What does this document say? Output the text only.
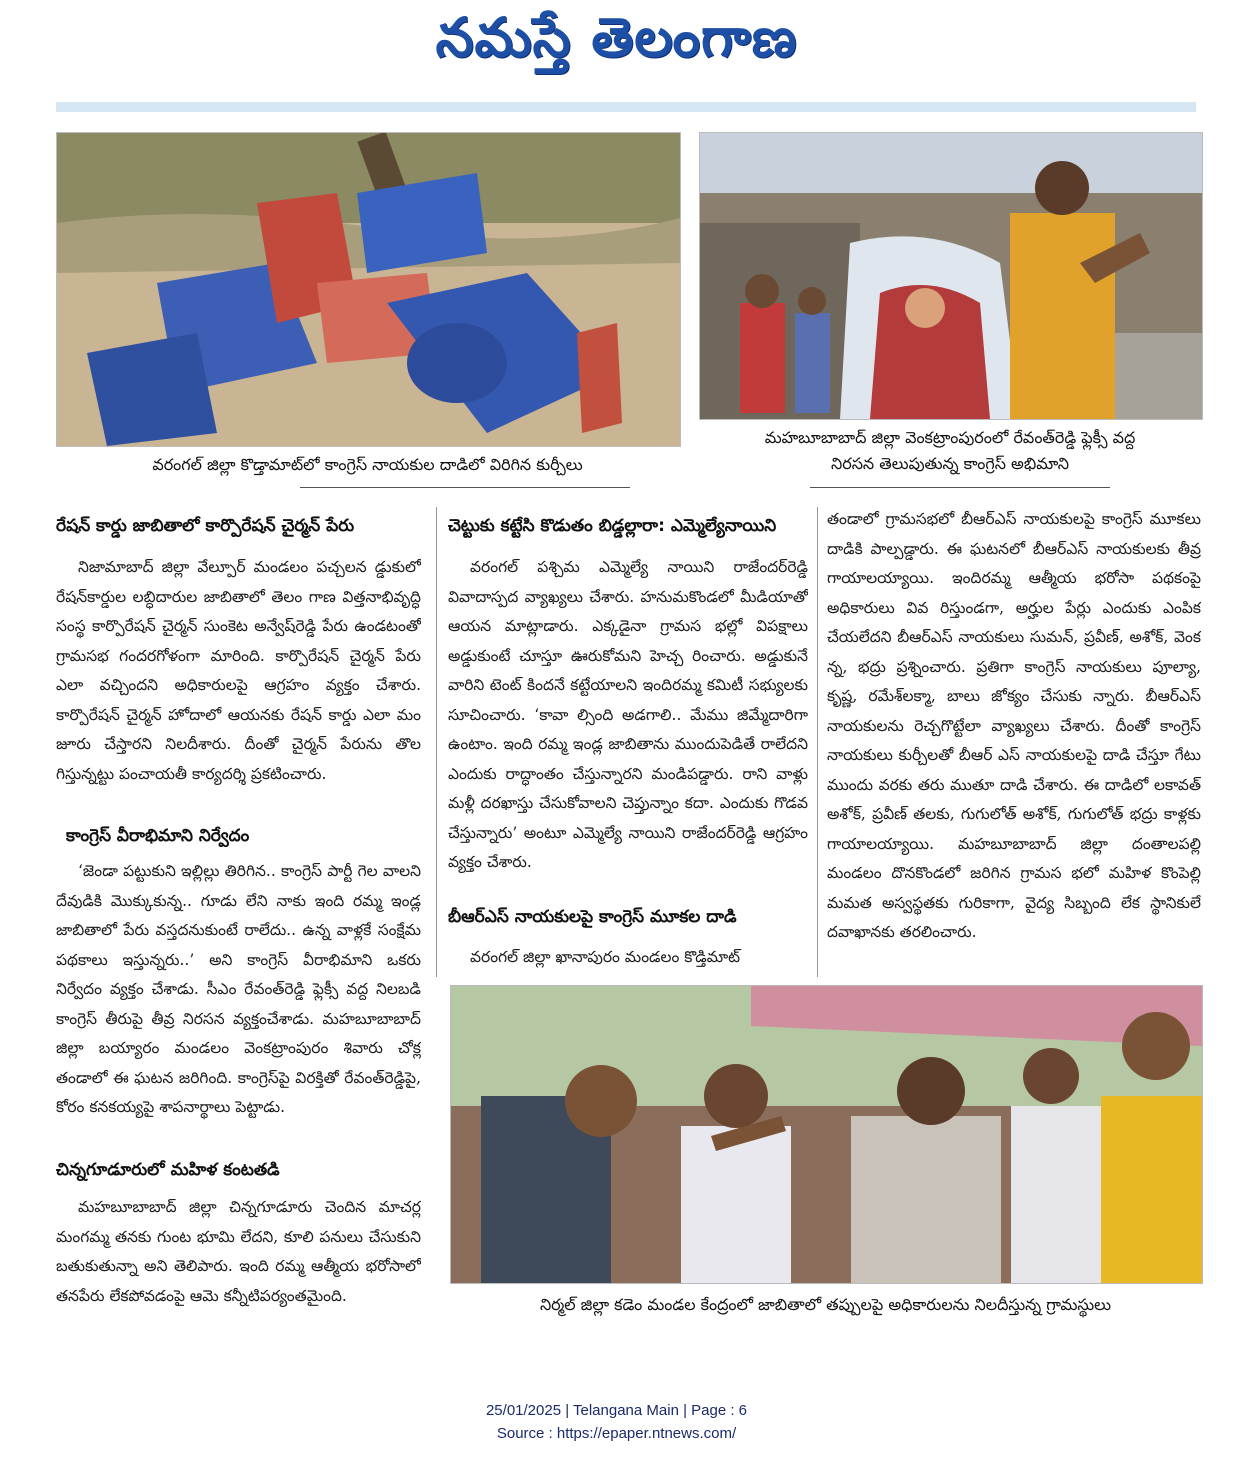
నమస్తే తెలంగాణ
వరంగల్ జిల్లా కొడ్తామాట్‌లో కాంగ్రెస్ నాయకుల దాడిలో విరిగిన కుర్చీలు
మహబూబాబాద్ జిల్లా వెంకట్రాంపురంలో రేవంత్‌రెడ్డి ఫ్లెక్సీ వద్ద
నిరసన తెలుపుతున్న కాంగ్రెస్ అభిమాని
రేషన్ కార్డు జాబితాలో కార్పొరేషన్ చైర్మన్ పేరు

నిజామాబాద్ జిల్లా వేల్పూర్ మండలం పచ్చలన డ్డుకు‌లో రేషన్‌కార్డుల లబ్ధిదారుల జాబితాలో తెలం గాణ విత్తనాభివృద్ధి సంస్థ కార్పొరేషన్ చైర్మన్ సుంకెట అన్వేష్‌రెడ్డి పేరు ఉండటంతో గ్రామసభ గందరగోళంగా మారింది. కార్పొరేషన్ చైర్మన్ పేరు ఎలా వచ్చిందని అధికారులపై ఆగ్రహం వ్యక్తం చేశారు. కార్పొరేషన్ చైర్మన్ హోదాలో ఆయనకు రేషన్ కార్డు ఎలా మం జూరు చేస్తారని నిలదీశారు. దీంతో చైర్మన్ పేరును తొల గిస్తున్నట్టు పంచాయతీ కార్యదర్శి ప్రకటించారు.

కాంగ్రెస్ వీరాభిమాని నిర్వేదం

‘జెండా పట్టుకుని ఇల్లిల్లు తిరిగిన.. కాంగ్రెస్ పార్టీ గెల వాలని దేవుడికి మొక్కుకున్న.. గూడు లేని నాకు ఇంది రమ్మ ఇండ్ల జాబితాలో పేరు వస్తదనుకుంటే రాలేదు.. ఉన్న వాళ్లకే సంక్షేమ పథకాలు ఇస్తున్నరు..’ అని కాంగ్రెస్ వీరాభిమాని ఒకరు నిర్వేదం వ్యక్తం చేశాడు. సీఎం రేవంత్‌రెడ్డి ఫ్లెక్సీ వద్ద నిలబడి కాంగ్రెస్ తీరుపై తీవ్ర నిరసన వ్యక్తంచేశాడు. మహబూబాబాద్ జిల్లా బయ్యారం మండలం వెంకట్రాంపురం శివారు చోక్ల తండాలో ఈ ఘటన జరిగింది. కాంగ్రెస్‌పై విరక్తితో రేవంత్‌రెడ్డిపై, కోరం కనకయ్యపై శాపనార్థాలు పెట్టాడు.

చిన్నగూడూరులో మహిళ కంటతడి

మహబూబాబాద్ జిల్లా చిన్నగూడూరు చెందిన మాచర్ల మంగమ్మ తనకు గుంట భూమి లేదని, కూలి పనులు చేసుకుని బతుకుతున్నా అని తెలిపారు. ఇంది రమ్మ ఆత్మీయ భరోసాలో తనపేరు లేకపోవడంపై ఆమె కన్నీటిపర్యంతమైంది.

చెట్టుకు కట్టేసి కొడుతం బిడ్డల్లారా: ఎమ్మెల్యేనాయిని

వరంగల్ పశ్చిమ ఎమ్మెల్యే నాయిని రాజేందర్‌రెడ్డి వివాదాస్పద వ్యాఖ్యలు చేశారు. హనుమకొండలో మీడియాతో ఆయన మాట్లాడారు. ఎక్కడైనా గ్రామస భల్లో విపక్షాలు అడ్డుకుంటే చూస్తూ ఊరుకోమని హెచ్చ రించారు. అడ్డుకునే వారిని టెంట్ కిందనే కట్టేయాలని ఇందిరమ్మ కమిటీ సభ్యులకు సూచించారు. ‘కావా ల్సింది అడగాలి.. మేము జిమ్మేదారిగా ఉంటాం. ఇంది రమ్మ ఇండ్ల జాబితాను ముందుపెడితే రాలేదని ఎందుకు రాద్ధాంతం చేస్తున్నారని మండిపడ్డారు. రాని వాళ్లు మళ్లీ దరఖాస్తు చేసుకోవాలని చెప్తున్నాం కదా. ఎందుకు గొడవ చేస్తున్నారు’ అంటూ ఎమ్మెల్యే నాయిని రాజేందర్‌రెడ్డి ఆగ్రహం వ్యక్తం చేశారు.

బీఆర్ఎస్ నాయకులపై కాంగ్రెస్ మూకల దాడి

వరంగల్ జిల్లా ఖానాపురం మండలం కొడ్తిమాట్

తండాలో గ్రామసభలో బీఆర్ఎస్ నాయకులపై కాంగ్రెస్ మూకలు దాడికి పాల్పడ్డారు. ఈ ఘటనలో బీఆర్ఎస్ నాయకులకు తీవ్ర గాయాలయ్యాయి. ఇందిరమ్మ ఆత్మీయ భరోసా పథకంపై అధికారులు వివ రిస్తుండగా, అర్హుల పేర్లు ఎందుకు ఎంపిక చేయలేదని బీఆర్ఎస్ నాయకులు సుమన్, ప్రవీణ్, అశోక్, వెంక న్న, భద్రు ప్రశ్నించారు. ప్రతిగా కాంగ్రెస్ నాయకులు పూల్యా, కృష్ణ, రమేశ్‌లక్మా, బాలు జోక్యం చేసుకు న్నారు. బీఆర్ఎస్ నాయకులను రెచ్చగొట్టేలా వ్యాఖ్యలు చేశారు. దీంతో కాంగ్రెస్ నాయకులు కుర్చీలతో బీఆర్ ఎస్ నాయకులపై దాడి చేస్తూ గేటు ముందు వరకు తరు ముతూ దాడి చేశారు. ఈ దాడిలో లకావత్ అశోక్, ప్రవీణ్ తలకు, గుగులోత్ అశోక్, గుగులోత్ భద్రు కాళ్లకు గాయాలయ్యాయి. మహబూబాబాద్ జిల్లా దంతాలపల్లి మండలం దొనకొండలో జరిగిన గ్రామస భలో మహిళ కొంపెల్లి మమత అస్వస్థతకు గురికాగా, వైద్య సిబ్బంది లేక స్థానికులే దవాఖానకు తరలించారు.

నిర్మల్ జిల్లా కడెం మండల కేంద్రంలో జాబితాలో తప్పులపై అధికారులను నిలదీస్తున్న గ్రామస్థులు
25/01/2025 | Telangana Main | Page : 6
Source : https://epaper.ntnews.com/
